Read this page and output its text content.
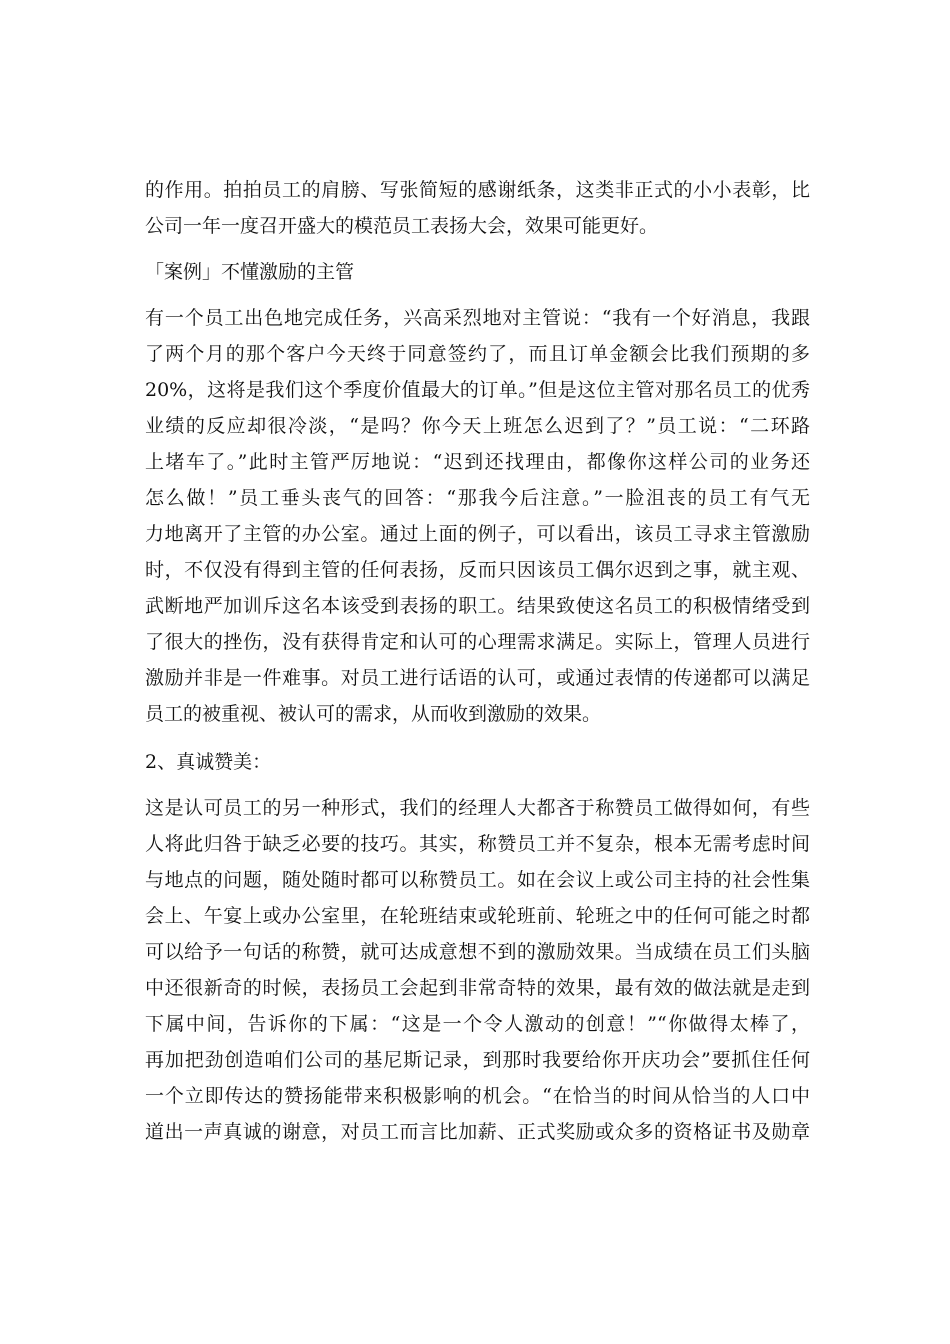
的作用。拍拍员工的肩膀、写张简短的感谢纸条，这类非正式的小小表彰，比
公司一年一度召开盛大的模范员工表扬大会，效果可能更好。
「案例」不懂激励的主管
有一个员工出色地完成任务，兴高采烈地对主管说：“我有一个好消息，我跟
了两个月的那个客户今天终于同意签约了，而且订单金额会比我们预期的多
20%，这将是我们这个季度价值最大的订单。”但是这位主管对那名员工的优秀
业绩的反应却很冷淡，“是吗？你今天上班怎么迟到了？”员工说：“二环路
上堵车了。”此时主管严厉地说：“迟到还找理由，都像你这样公司的业务还
怎么做！”员工垂头丧气的回答：“那我今后注意。”一脸沮丧的员工有气无
力地离开了主管的办公室。通过上面的例子，可以看出，该员工寻求主管激励
时，不仅没有得到主管的任何表扬，反而只因该员工偶尔迟到之事，就主观、
武断地严加训斥这名本该受到表扬的职工。结果致使这名员工的积极情绪受到
了很大的挫伤，没有获得肯定和认可的心理需求满足。实际上，管理人员进行
激励并非是一件难事。对员工进行话语的认可，或通过表情的传递都可以满足
员工的被重视、被认可的需求，从而收到激励的效果。
2、真诚赞美：
这是认可员工的另一种形式，我们的经理人大都吝于称赞员工做得如何，有些
人将此归咎于缺乏必要的技巧。其实，称赞员工并不复杂，根本无需考虑时间
与地点的问题，随处随时都可以称赞员工。如在会议上或公司主持的社会性集
会上、午宴上或办公室里，在轮班结束或轮班前、轮班之中的任何可能之时都
可以给予一句话的称赞，就可达成意想不到的激励效果。当成绩在员工们头脑
中还很新奇的时候，表扬员工会起到非常奇特的效果，最有效的做法就是走到
下属中间，告诉你的下属：“这是一个令人激动的创意！”“你做得太棒了，
再加把劲创造咱们公司的基尼斯记录，到那时我要给你开庆功会”要抓住任何
一个立即传达的赞扬能带来积极影响的机会。“在恰当的时间从恰当的人口中
道出一声真诚的谢意，对员工而言比加薪、正式奖励或众多的资格证书及勋章
